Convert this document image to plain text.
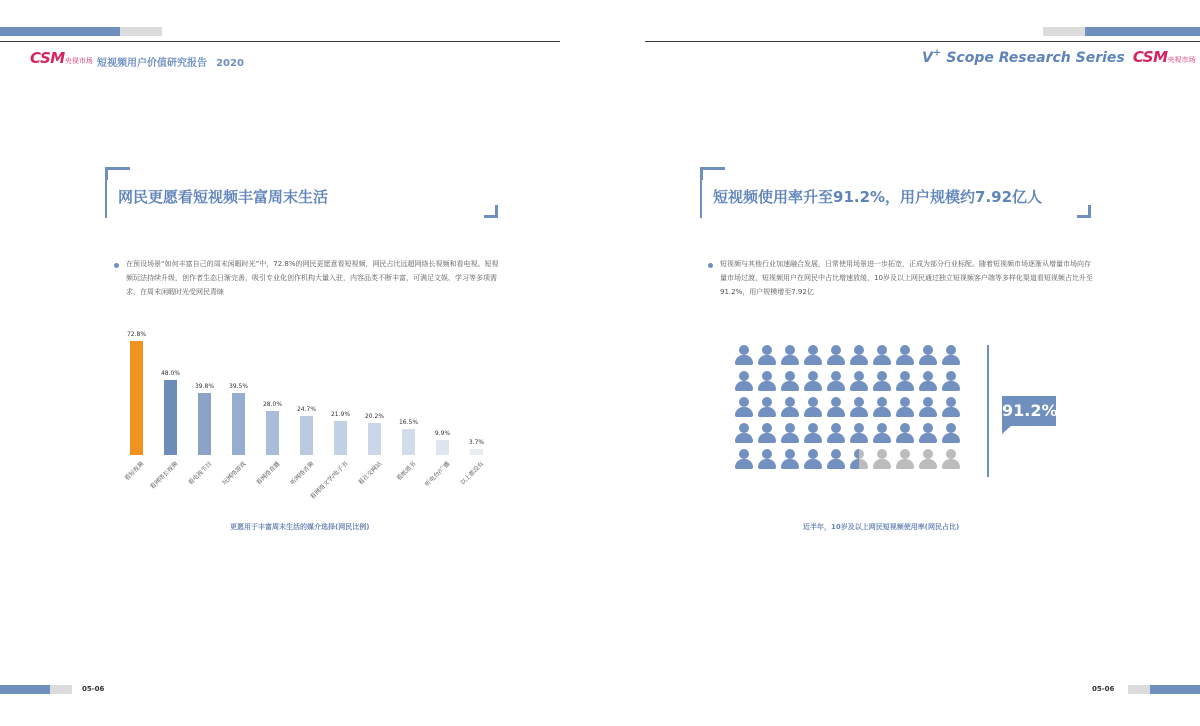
CSM央视市场 短视频用户价值研究报告 2020
网民更愿看短视频丰富周末生活
在预设场景“如何丰富自己的周末闲暇时光”中，72.8%的网民更愿意看短视频，网民占比远超网络长视频和看电视。短视频玩法持续升级，创作者生态日渐完善，吸引专业化创作机构大量入驻，内容品类不断丰富，可满足文娱、学习等多项需求，在周末闲暇时光受网民青睐
72.8%
看短视频
48.0%
看网络长视频
39.8%
看电视节目
39.5%
玩网络游戏
28.0%
看网络直播
24.7%
听网络音频
21.9%
看网络文学/电子书
20.2%
看社交网站
16.5%
看纸质书
9.9%
听电台/广播
3.7%
以上都没有
更愿用于丰富周末生活的媒介选择(网民比例)
05-06
V+ Scope Research Series CSM央视市场
短视频使用率升至91.2%，用户规模约7.92亿人
短视频与其他行业加速融合发展，日常使用场景进一步拓宽，正成为部分行业标配。随着短视频市场逐渐从增量市场向存量市场过渡，短视频用户在网民中占比增速放缓，10岁及以上网民通过独立短视频客户端等多样化渠道看短视频占比升至91.2%，用户规模增至7.92亿
91.2%
近半年，10岁及以上网民短视频使用率(网民占比)
05-06
